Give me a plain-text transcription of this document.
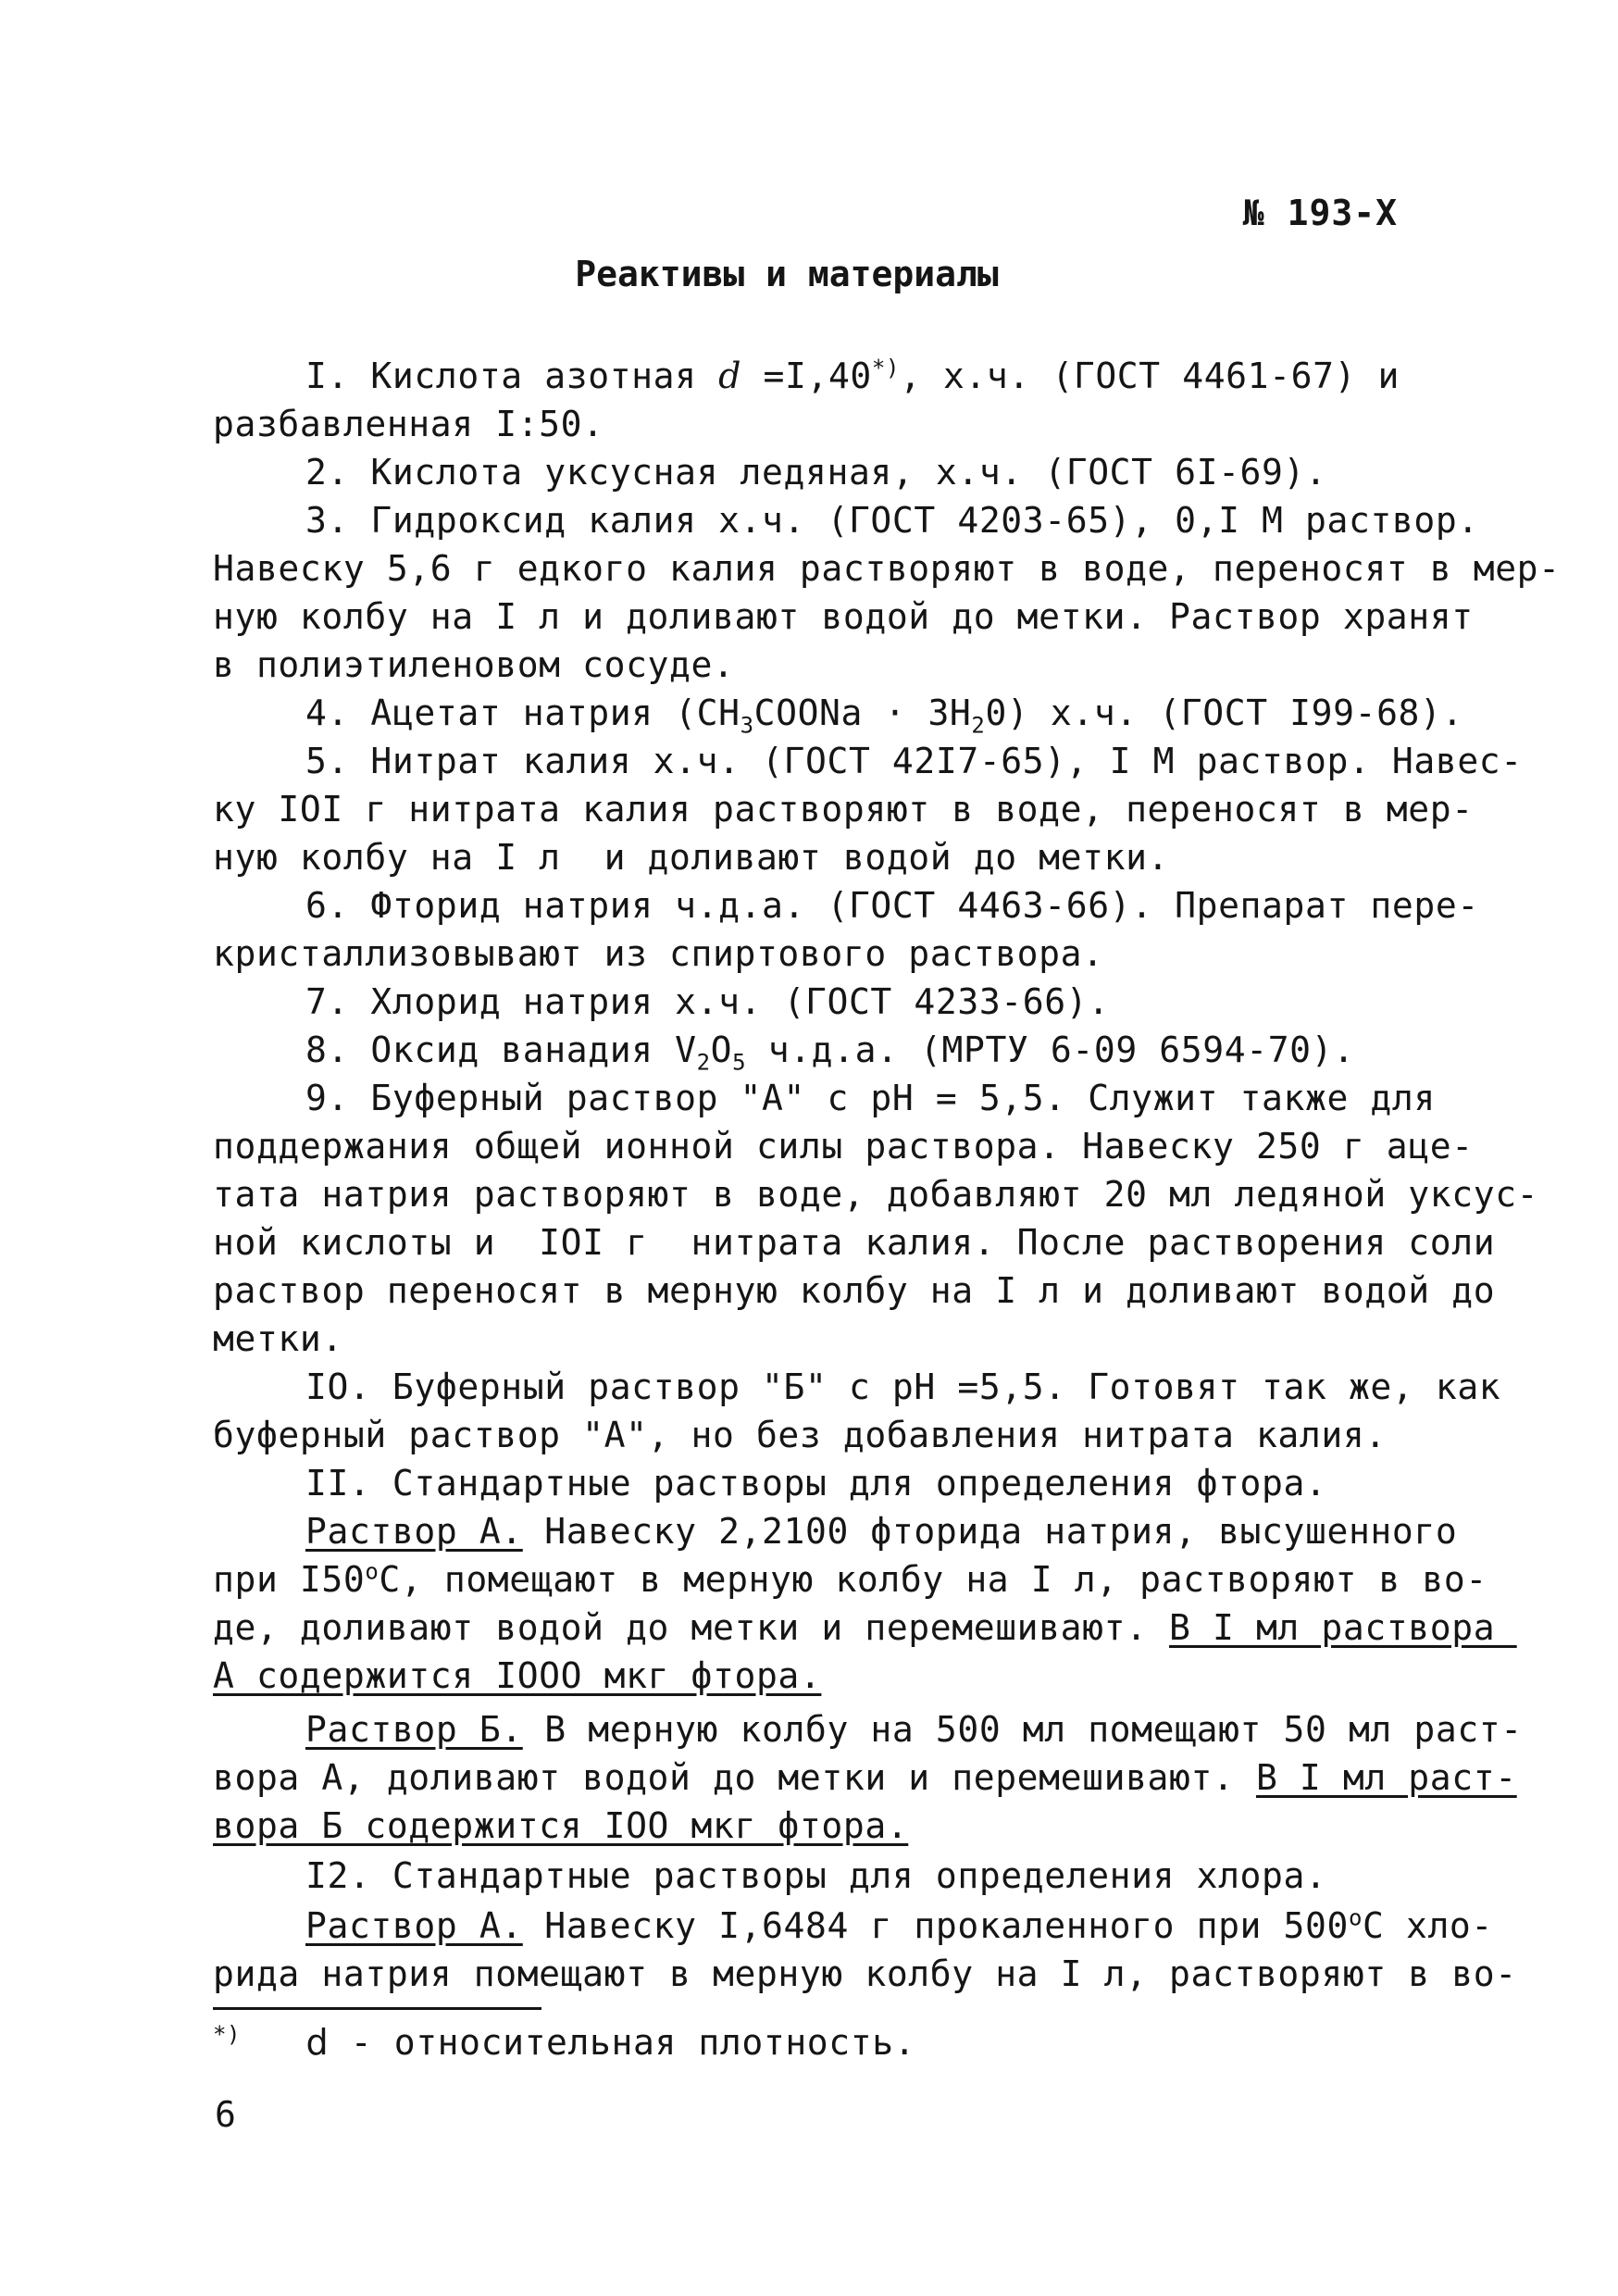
№ 193-Х
Реактивы и материалы
I. Кислота азотная d =I,40*), х.ч. (ГОСТ 4461-67) и
разбавленная I:50.
2. Кислота уксусная ледяная, х.ч. (ГОСТ 6I-69).
3. Гидроксид калия х.ч. (ГОСТ 4203-65), 0,I М раствор.
Навеску 5,6 г едкого калия растворяют в воде, переносят в мер-
ную колбу на I л и доливают водой до метки. Раствор хранят
в полиэтиленовом сосуде.
4. Ацетат натрия $(CH_3COONa \cdot 3H_20)$ х.ч. (ГОСТ I99-68).
5. Нитрат калия х.ч. (ГОСТ 42I7-65), I М раствор. Навес-
ку IOI г нитрата калия растворяют в воде, переносят в мер-
ную колбу на I л  и доливают водой до метки.
6. Фторид натрия ч.д.а. (ГОСТ 4463-66). Препарат пере-
кристаллизовывают из спиртового раствора.
7. Хлорид натрия х.ч. (ГОСТ 4233-66).
8. Оксид ванадия $V_2O_5$ ч.д.а. (МРТУ 6-09 6594-70).
9. Буферный раствор "А" с pH = 5,5. Служит также для
поддержания общей ионной силы раствора. Навеску 250 г аце-
тата натрия растворяют в воде, добавляют 20 мл ледяной уксус-
ной кислоты и  IOI г  нитрата калия. После растворения соли
раствор переносят в мерную колбу на I л и доливают водой до
метки.
IO. Буферный раствор "Б" с pH =5,5. Готовят так же, как
буферный раствор "А", но без добавления нитрата калия.
II. Стандартные растворы для определения фтора.
Раствор А. Навеску 2,2100 фторида натрия, высушенного
при $I50^оС$, помещают в мерную колбу на I л, растворяют в во-
де, доливают водой до метки и перемешивают. В I мл раствора
А содержится IOOO мкг фтора.
Раствор Б. В мерную колбу на 500 мл помещают 50 мл раст-
вора А, доливают водой до метки и перемешивают. В I мл раст-
вора Б содержится IOO мкг фтора.
I2. Стандартные растворы для определения хлора.
Раствор А. Навеску I,6484 г прокаленного при $500^оС$ хло-
рида натрия помещают в мерную колбу на I л, растворяют в во-
*) d - относительная плотность.
6
